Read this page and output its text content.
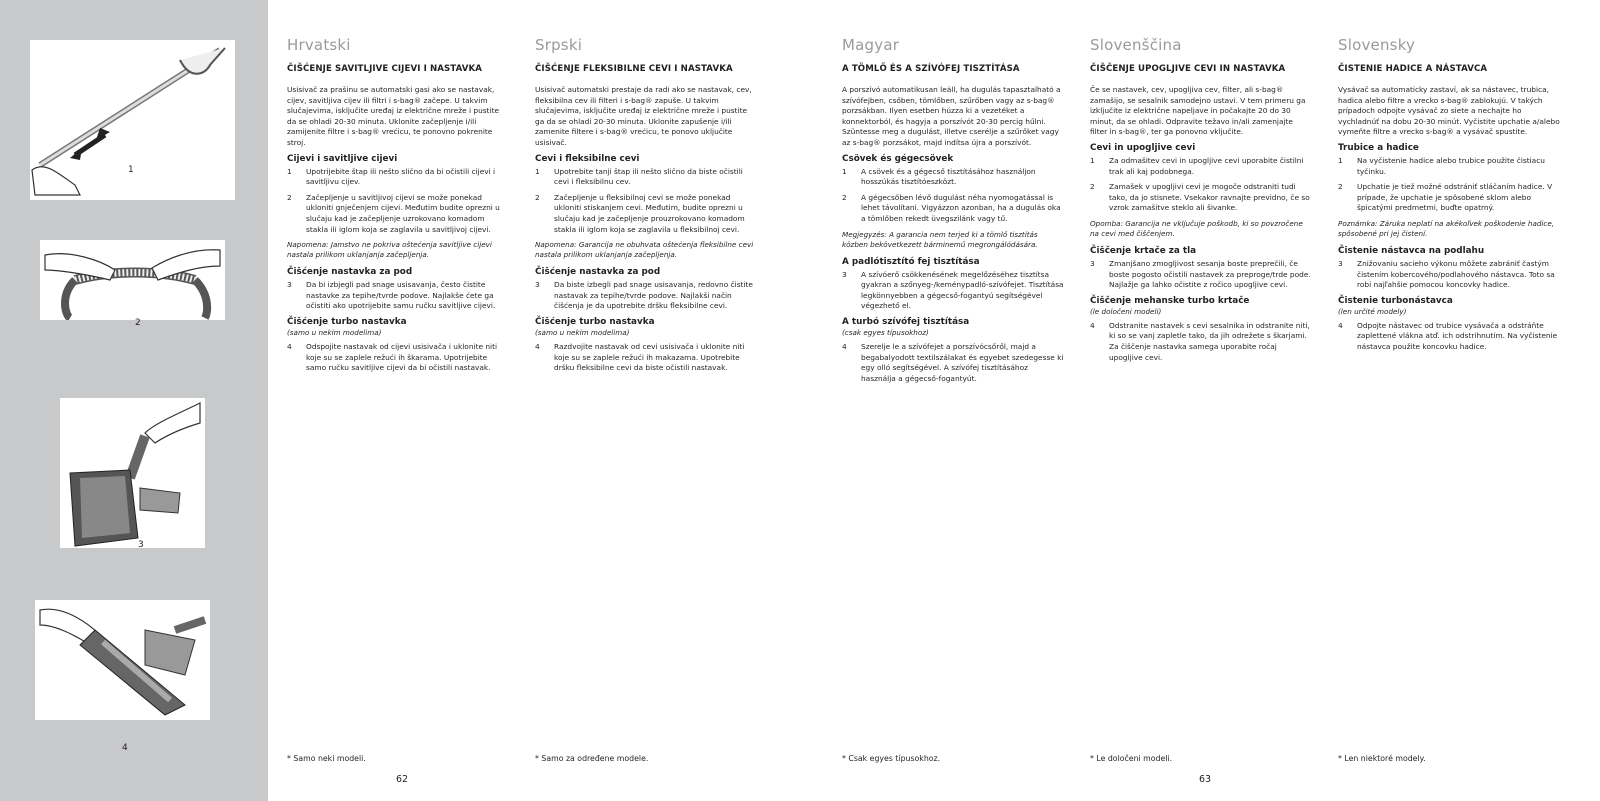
1
2
3
4
Hrvatski
ČIŠĆENJE SAVITLJIVE CIJEVI I NASTAVKA
Usisivač za prašinu se automatski gasi ako se nastavak, cijev, savitljiva cijev ili filtri i s-bag® začepe. U takvim slučajevima, isključite uređaj iz električne mreže i pustite da se ohladi 20-30 minuta. Uklonite začepljenje i/ili zamijenite filtre i s-bag® vrećicu, te ponovno pokrenite stroj.
Cijevi i savitljive cijevi
1	Upotrijebite štap ili nešto slično da bi očistili cijevi i savitljivu cijev.
2	Začepljenje u savitljivoj cijevi se može ponekad ukloniti gnječenjem cijevi. Međutim budite oprezni u slučaju kad je začepljenje uzrokovano komadom stakla ili iglom koja se zaglavila u savitljivoj cijevi.
Napomena: Jamstvo ne pokriva oštećenja savitljive cijevi nastala prilikom uklanjanja začepljenja.
Čišćenje nastavka za pod
3	Da bi izbjegli pad snage usisavanja, često čistite nastavke za tepihe/tvrde podove. Najlakše ćete ga očistiti ako upotrijebite samu ručku savitljive cijevi.
Čišćenje turbo nastavka
(samo u nekim modelima)
4	Odspojite nastavak od cijevi usisivača i uklonite niti koje su se zaplele režući ih škarama. Upotrijebite samo ručku savitljive cijevi da bi očistili nastavak.
Srpski
ČIŠĆENJE FLEKSIBILNE CEVI I NASTAVKA
Usisivač automatski prestaje da radi ako se nastavak, cev, fleksibilna cev ili filteri i s-bag® zapuše. U takvim slučajevima, isključite uređaj iz električne mreže i pustite ga da se ohladi 20-30 minuta. Uklonite zapušenje i/ili zamenite filtere i s-bag® vrećicu, te ponovo uključite usisivač.
Cevi i fleksibilne cevi
1	Upotrebite tanji štap ili nešto slično da biste očistili cevi i fleksibilnu cev.
2	Začepljenje u fleksibilnoj cevi se može ponekad ukloniti stiskanjem cevi. Međutim, budite oprezni u slučaju kad je začepljenje prouzrokovano komadom stakla ili iglom koja se zaglavila u fleksibilnoj cevi.
Napomena: Garancija ne obuhvata oštećenja fleksibilne cevi nastala prilikom uklanjanja začepljenja.
Čišćenje nastavka za pod
3	Da biste izbegli pad snage usisavanja, redovno čistite nastavak za tepihe/tvrde podove. Najlakši način čišćenja je da upotrebite dršku fleksibilne cevi.
Čišćenje turbo nastavka
(samo u nekim modelima)
4	Razdvojite nastavak od cevi usisivača i uklonite niti koje su se zaplele režući ih makazama. Upotrebite dršku fleksibilne cevi da biste očistili nastavak.
Magyar
A TÖMLŐ ÉS A SZÍVÓFEJ TISZTÍTÁSA
A porszívó automatikusan leáll, ha dugulás tapasztalható a szívófejben, csőben, tömlőben, szűrőben vagy az s-bag® porzsákban. Ilyen esetben húzza ki a vezetéket a konnektorból, és hagyja a porszívót 20-30 percig hűlni. Szüntesse meg a dugulást, illetve cserélje a szűrőket vagy az s-bag® porzsákot, majd indítsa újra a porszívót.
Csövek és gégecsövek
1	A csövek és a gégecső tisztításához használjon hosszúkás tisztítóeszközt.
2	A gégecsőben lévő dugulást néha nyomogatással is lehet távolítani. Vigyázzon azonban, ha a dugulás oka a tömlőben rekedt üvegszilánk vagy tű.
Megjegyzés: A garancia nem terjed ki a tömlő tisztítás közben bekövetkezett bárminemű megrongálódására.
A padlótisztító fej tisztítása
3	A szívóerő csökkenésének megelőzéséhez tisztítsa gyakran a szőnyeg-/keménypadló-szívófejet. Tisztítása legkönnyebben a gégecső-fogantyú segítségével végezhető el.
A turbó szívófej tisztítása
(csak egyes típusokhoz)
4	Szerelje le a szívófejet a porszívócsőről, majd a begabalyodott textilszálakat és egyebet szedegesse ki egy olló segítségével. A szívófej tisztításához használja a gégecső-fogantyút.
Slovenščina
ČIŠČENJE UPOGLJIVE CEVI IN NASTAVKA
Če se nastavek, cev, upogljiva cev, filter, ali s-bag® zamašijo, se sesalnik samodejno ustavi. V tem primeru ga izključite iz električne napeljave in počakajte 20 do 30 minut, da se ohladi. Odpravite težavo in/ali zamenjajte filter in s-bag®, ter ga ponovno vključite.
Cevi in upogljive cevi
1	Za odmašitev cevi in upogljive cevi uporabite čistilni trak ali kaj podobnega.
2	Zamašek v upogljivi cevi je mogoče odstraniti tudi tako, da jo stisnete. Vsekakor ravnajte previdno, če so vzrok zamašitve steklo ali šivanke.
Opomba: Garancija ne vključuje poškodb, ki so povzročene na cevi med čiščenjem.
Čiščenje krtače za tla
3	Zmanjšano zmogljivost sesanja boste preprečili, če boste pogosto očistili nastavek za preproge/trde pode. Najlažje ga lahko očistite z ročico upogljive cevi.
Čiščenje mehanske turbo krtače
(le določeni modeli)
4	Odstranite nastavek s cevi sesalnika in odstranite niti, ki so se vanj zapletle tako, da jih odrežete s škarjami. Za čiščenje nastavka samega uporabite ročaj upogljive cevi.
Slovensky
ČISTENIE HADICE A NÁSTAVCA
Vysávač sa automaticky zastaví, ak sa nástavec, trubica, hadica alebo filtre a vrecko s-bag® zablokujú. V takých prípadoch odpojte vysávač zo siete a nechajte ho vychladnúť na dobu 20-30 minút. Vyčistite upchatie a/alebo vymeňte filtre a vrecko s-bag® a vysávač spustite.
Trubice a hadice
1	Na vyčistenie hadice alebo trubice použite čistiacu tyčinku.
2	Upchatie je tiež možné odstrániť stláčaním hadice. V prípade, že upchatie je spôsobené sklom alebo špicatými predmetmi, buďte opatrný.
Poznámka: Záruka neplatí na akékoľvek poškodenie hadice, spôsobené pri jej čistení.
Čistenie nástavca na podlahu
3	Znižovaniu sacieho výkonu môžete zabrániť častým čistením kobercového/podlahového nástavca. Toto sa robí najľahšie pomocou koncovky hadice.
Čistenie turbonástavca
(len určité modely)
4	Odpojte nástavec od trubice vysávača a odstráňte zaplettené vlákna atď. ich odstrihnutím. Na vyčistenie nástavca použite koncovku hadice.
* Samo neki modeli.	* Samo za određene modele.	* Csak egyes típusokhoz.	* Le določeni modeli.	* Len niektoré modely.
62	63
